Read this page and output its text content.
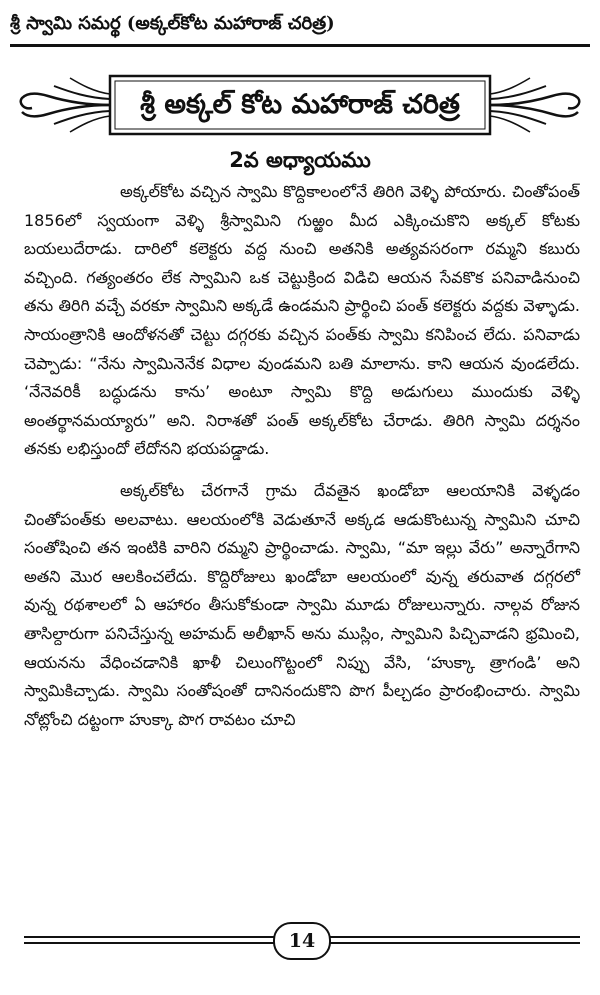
శ్రీ స్వామి సమర్థ (అక్కల్‌కోట మహారాజ్ చరిత్ర)
శ్రీ అక్కల్ కోట మహారాజ్ చరిత్ర
2వ అధ్యాయము

అక్కల్‌కోట వచ్చిన స్వామి కొద్దికాలంలోనే తిరిగి వెళ్ళి పోయారు. చింతోపంత్ 1856లో స్వయంగా వెళ్ళి శ్రీస్వామిని గుఱ్ఱం మీద ఎక్కించుకొని అక్కల్ కోటకు బయలుదేరాడు. దారిలో కలెక్టరు వద్ద నుంచి అతనికి అత్యవసరంగా రమ్మని కబురు వచ్చింది. గత్యంతరం లేక స్వామిని ఒక చెట్టుక్రింద విడిచి ఆయన సేవకొక పనివాడినుంచి తను తిరిగి వచ్చే వరకూ స్వామిని అక్కడే ఉండమని ప్రార్థించి పంత్ కలెక్టరు వద్దకు వెళ్ళాడు. సాయంత్రానికి ఆందోళనతో చెట్టు దగ్గరకు వచ్చిన పంత్‌కు స్వామి కనిపించ లేదు. పనివాడు చెప్పాడు: “నేను స్వామినెనేక విధాల వుండమని బతి మాలాను. కాని ఆయన వుండలేదు. ‘నేనెవరికీ బద్ధుడను కాను’ అంటూ స్వామి కొద్ది అడుగులు ముందుకు వెళ్ళి అంతర్థానమయ్యారు” అని. నిరాశతో పంత్ అక్కల్‌కోట చేరాడు. తిరిగి స్వామి దర్శనం తనకు లభిస్తుందో లేదోనని భయపడ్డాడు.

అక్కల్‌కోట చేరగానే గ్రామ దేవతైన ఖండోబా ఆలయానికి వెళ్ళడం చింతోపంత్‌కు అలవాటు. ఆలయంలోకి వెడుతూనే అక్కడ ఆడుకొంటున్న స్వామిని చూచి సంతోషించి తన ఇంటికి వారిని రమ్మని ప్రార్థించాడు. స్వామి, “మా ఇల్లు వేరు” అన్నారేగాని అతని మొర ఆలకించలేదు. కొద్దిరోజులు ఖండోబా ఆలయంలో వున్న తరువాత దగ్గరలో వున్న రథశాలలో ఏ ఆహారం తీసుకోకుండా స్వామి మూడు రోజులున్నారు. నాల్గవ రోజున తాసిల్దారుగా పనిచేస్తున్న అహమద్ అలీఖాన్ అను ముస్లిం, స్వామిని పిచ్చివాడని భ్రమించి, ఆయనను వేధించడానికి ఖాళీ చిలుంగొట్టంలో నిప్పు వేసి, ‘హుక్కా త్రాగండి’ అని స్వామికిచ్చాడు. స్వామి సంతోషంతో దానినందుకొని పొగ పీల్చడం ప్రారంభించారు. స్వామి నోట్లోంచి దట్టంగా హుక్కా పొగ రావటం చూచి

14
